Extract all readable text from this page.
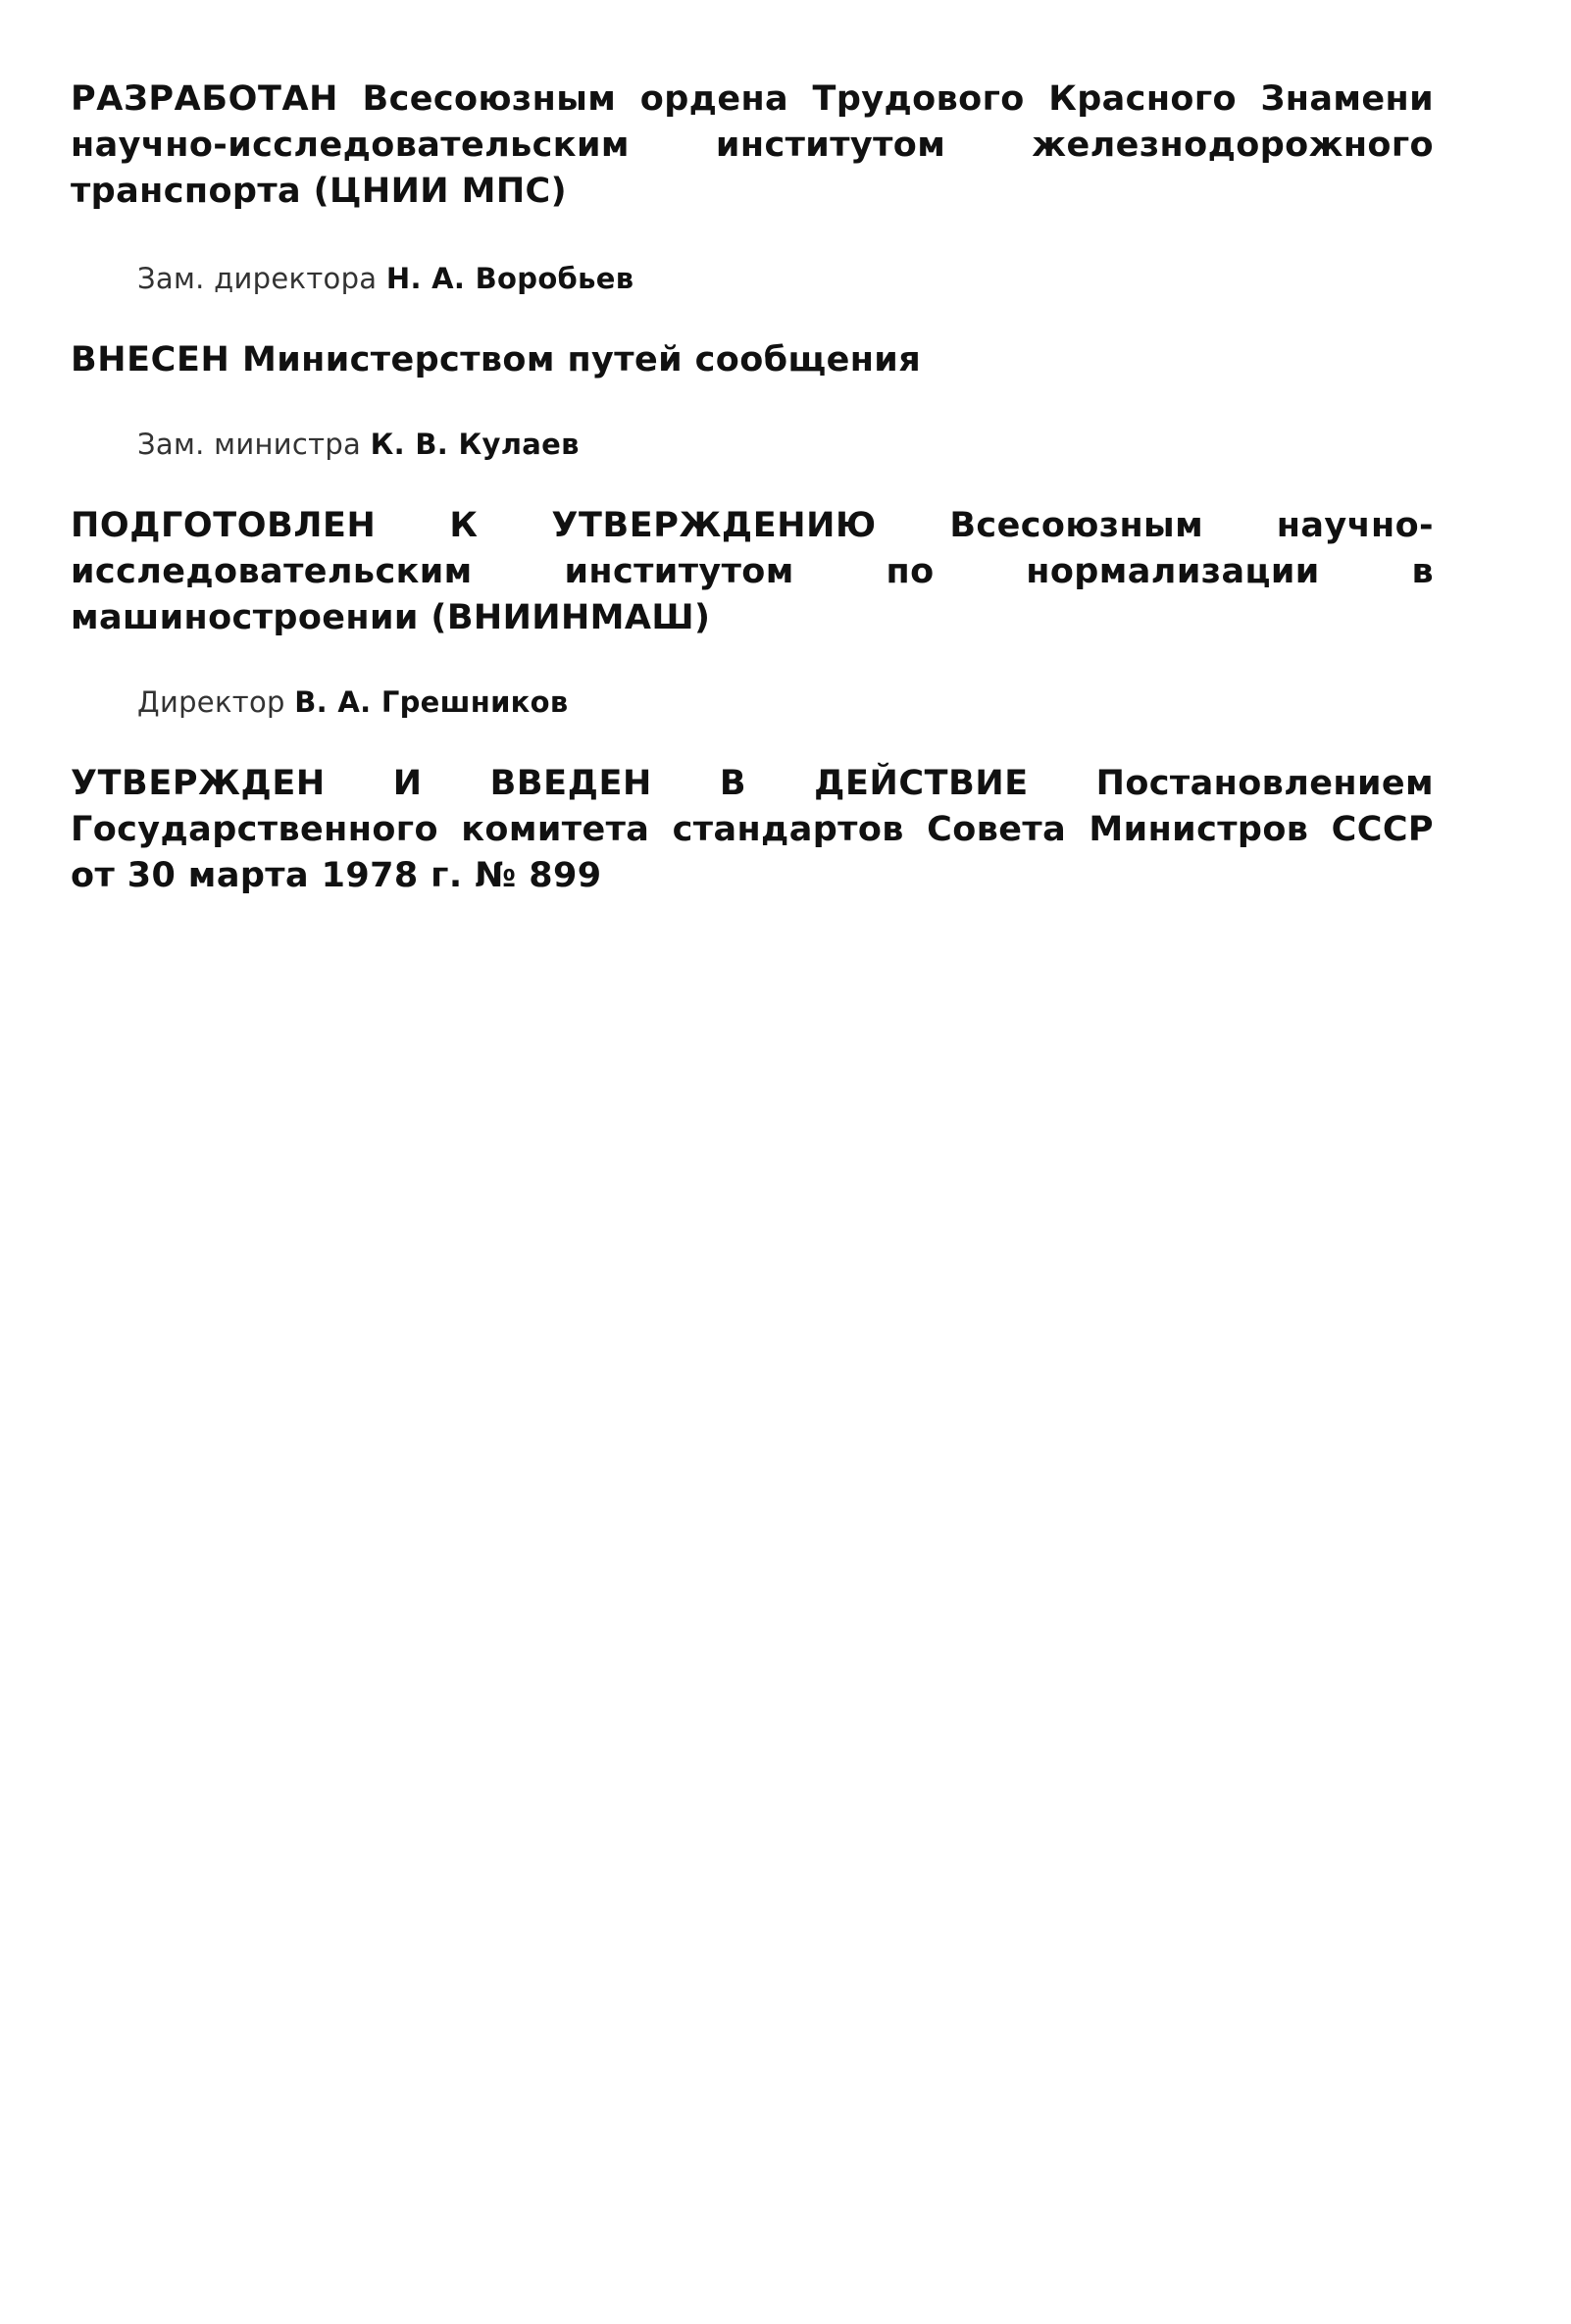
РАЗРАБОТАН Всесоюзным ордена Трудового Красного Знамени научно-исследовательским институтом железнодорожного транспорта (ЦНИИ МПС)

Зам. директора Н. А. Воробьев

ВНЕСЕН Министерством путей сообщения

Зам. министра К. В. Кулаев

ПОДГОТОВЛЕН К УТВЕРЖДЕНИЮ Всесоюзным научно-исследовательским институтом по нормализации в машиностроении (ВНИИНМАШ)

Директор В. А. Грешников

УТВЕРЖДЕН И ВВЕДЕН В ДЕЙСТВИЕ Постановлением Государственного комитета стандартов Совета Министров СССР от 30 марта 1978 г. № 899
